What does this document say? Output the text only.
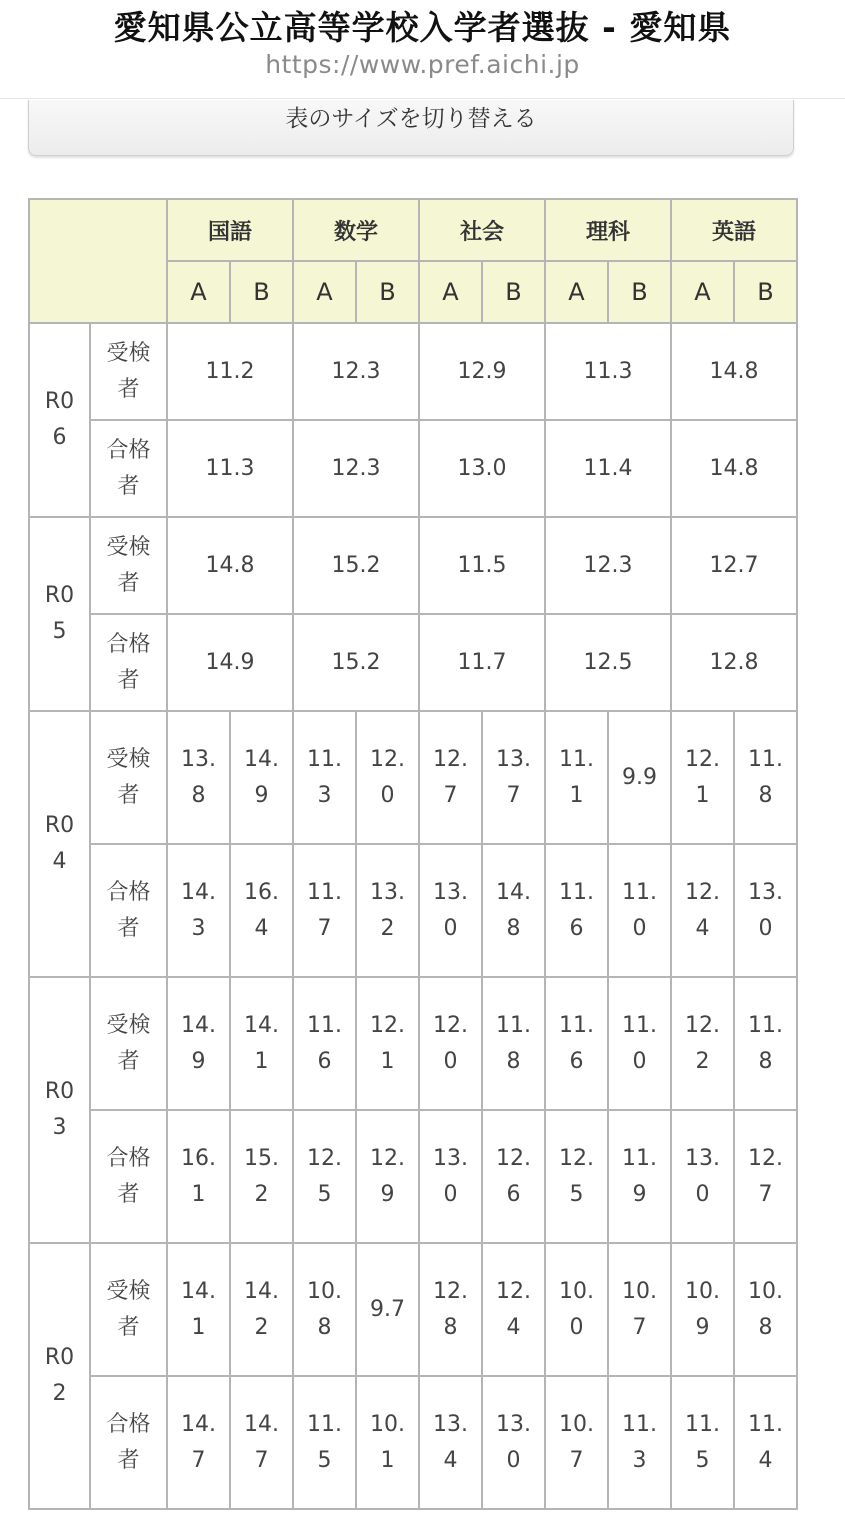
愛知県公立高等学校入学者選抜 - 愛知県
https://www.pref.aichi.jp
表のサイズを切り替える
		国語		数学		社会		理科		英語	
		A	B	A	B	A	B	A	B	A	B
R06	受検者	11.2		12.3		12.9		11.3		14.8	
	合格者	11.3		12.3		13.0		11.4		14.8	
R05	受検者	14.8		15.2		11.5		12.3		12.7	
	合格者	14.9		15.2		11.7		12.5		12.8	
R04	受検者	13.8	14.9	11.3	12.0	12.7	13.7	11.1	9.9	12.1	11.8
	合格者	14.3	16.4	11.7	13.2	13.0	14.8	11.6	11.0	12.4	13.0
R03	受検者	14.9	14.1	11.6	12.1	12.0	11.8	11.6	11.0	12.2	11.8
	合格者	16.1	15.2	12.5	12.9	13.0	12.6	12.5	11.9	13.0	12.7
R02	受検者	14.1	14.2	10.8	9.7	12.8	12.4	10.0	10.7	10.9	10.8
	合格者	14.7	14.7	11.5	10.1	13.4	13.0	10.7	11.3	11.5	11.4
